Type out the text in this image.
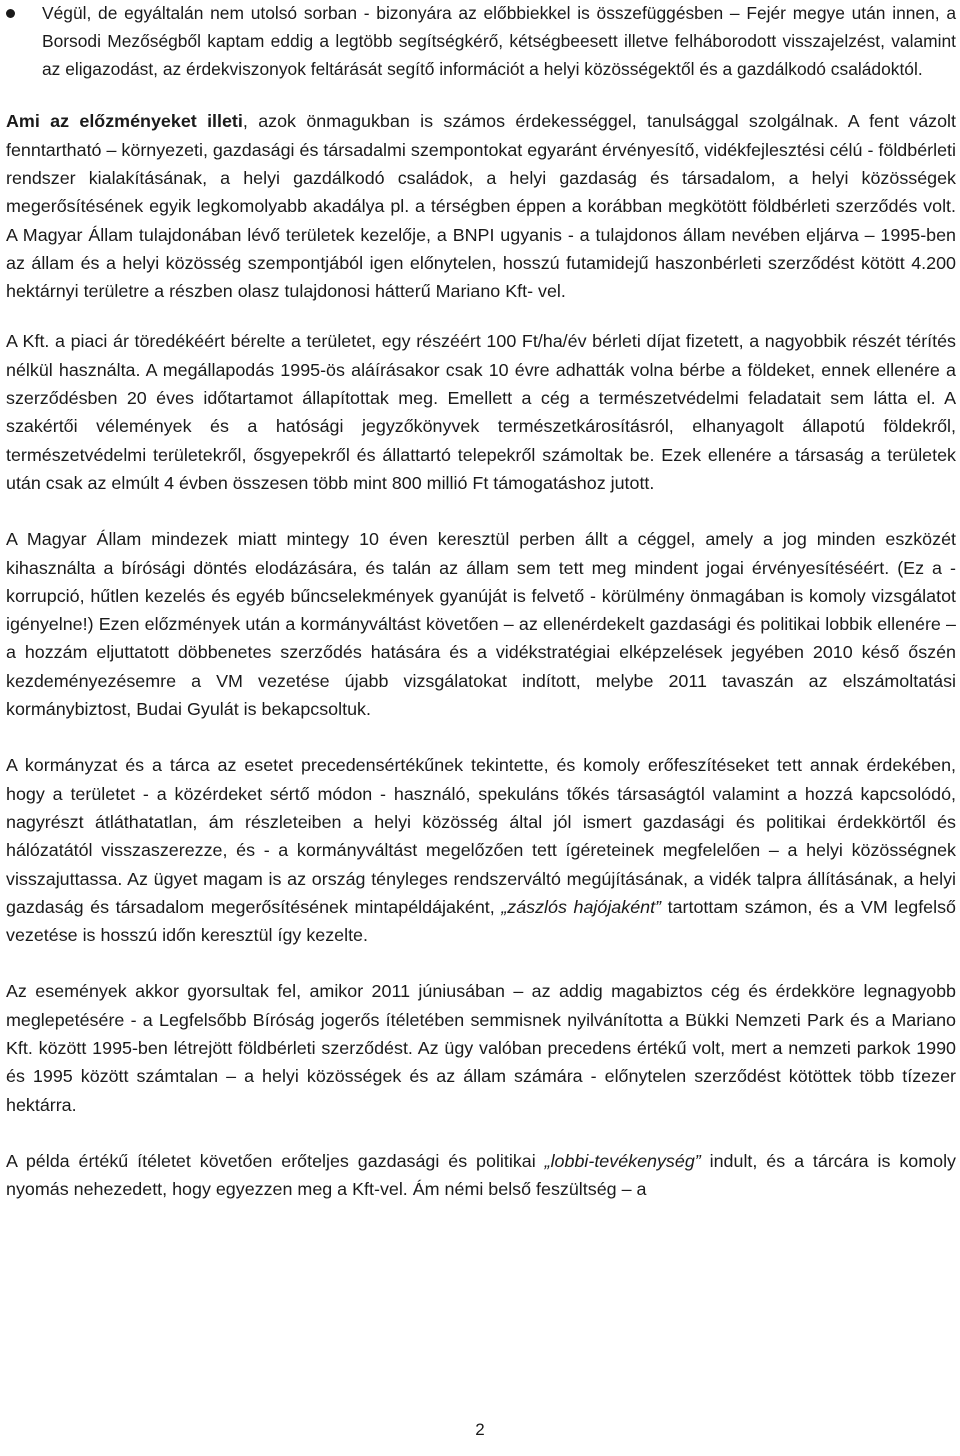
Végül, de egyáltalán nem utolsó sorban - bizonyára az előbbiekkel is összefüggésben – Fejér megye után innen, a Borsodi Mezőségből kaptam eddig a legtöbb segítségkérő, kétségbeesett illetve felháborodott visszajelzést, valamint az eligazodást, az érdekviszonyok feltárását segítő információt a helyi közösségektől és a gazdálkodó családoktól.

Ami az előzményeket illeti, azok önmagukban is számos érdekességgel, tanulsággal szolgálnak. A fent vázolt fenntartható – környezeti, gazdasági és társadalmi szempontokat egyaránt érvényesítő, vidékfejlesztési célú - földbérleti rendszer kialakításának, a helyi gazdálkodó családok, a helyi gazdaság és társadalom, a helyi közösségek megerősítésének egyik legkomolyabb akadálya pl. a térségben éppen a korábban megkötött földbérleti szerződés volt. A Magyar Állam tulajdonában lévő területek kezelője, a BNPI ugyanis - a tulajdonos állam nevében eljárva – 1995-ben az állam és a helyi közösség szempontjából igen előnytelen, hosszú futamidejű haszonbérleti szerződést kötött 4.200 hektárnyi területre a részben olasz tulajdonosi hátterű Mariano Kft- vel.

A Kft. a piaci ár töredékéért bérelte a területet, egy részéért 100 Ft/ha/év bérleti díjat fizetett, a nagyobbik részét térítés nélkül használta. A megállapodás 1995-ös aláírásakor csak 10 évre adhatták volna bérbe a földeket, ennek ellenére a szerződésben 20 éves időtartamot állapítottak meg. Emellett a cég a természetvédelmi feladatait sem látta el. A szakértői vélemények és a hatósági jegyzőkönyvek természetkárosításról, elhanyagolt állapotú földekről, természetvédelmi területekről, ősgyepekről és állattartó telepekről számoltak be. Ezek ellenére a társaság a területek után csak az elmúlt 4 évben összesen több mint 800 millió Ft támogatáshoz jutott.

A Magyar Állam mindezek miatt mintegy 10 éven keresztül perben állt a céggel, amely a jog minden eszközét kihasználta a bírósági döntés elodázására, és talán az állam sem tett meg mindent jogai érvényesítéséért. (Ez a - korrupció, hűtlen kezelés és egyéb bűncselekmények gyanúját is felvető - körülmény önmagában is komoly vizsgálatot igényelne!) Ezen előzmények után a kormányváltást követően – az ellenérdekelt gazdasági és politikai lobbik ellenére – a hozzám eljuttatott döbbenetes szerződés hatására és a vidékstratégiai elképzelések jegyében 2010 késő őszén kezdeményezésemre a VM vezetése újabb vizsgálatokat indított, melybe 2011 tavaszán az elszámoltatási kormánybiztost, Budai Gyulát is bekapcsoltuk.

A kormányzat és a tárca az esetet precedensértékűnek tekintette, és komoly erőfeszítéseket tett annak érdekében, hogy a területet - a közérdeket sértő módon - használó, spekuláns tőkés társaságtól valamint a hozzá kapcsolódó, nagyrészt átláthatatlan, ám részleteiben a helyi közösség által jól ismert gazdasági és politikai érdekkörtől és hálózatától visszaszerezze, és - a kormányváltást megelőzően tett ígéreteinek megfelelően – a helyi közösségnek visszajuttassa. Az ügyet magam is az ország tényleges rendszerváltó megújításának, a vidék talpra állításának, a helyi gazdaság és társadalom megerősítésének mintapéldájaként, „zászlós hajójaként” tartottam számon, és a VM legfelső vezetése is hosszú időn keresztül így kezelte.

Az események akkor gyorsultak fel, amikor 2011 júniusában – az addig magabiztos cég és érdekköre legnagyobb meglepetésére - a Legfelsőbb Bíróság jogerős ítéletében semmisnek nyilvánította a Bükki Nemzeti Park és a Mariano Kft. között 1995-ben létrejött földbérleti szerződést. Az ügy valóban precedens értékű volt, mert a nemzeti parkok 1990 és 1995 között számtalan – a helyi közösségek és az állam számára - előnytelen szerződést kötöttek több tízezer hektárra.

A példa értékű ítéletet követően erőteljes gazdasági és politikai „lobbi-tevékenység” indult, és a tárcára is komoly nyomás nehezedett, hogy egyezzen meg a Kft-vel. Ám némi belső feszültség – a

2
